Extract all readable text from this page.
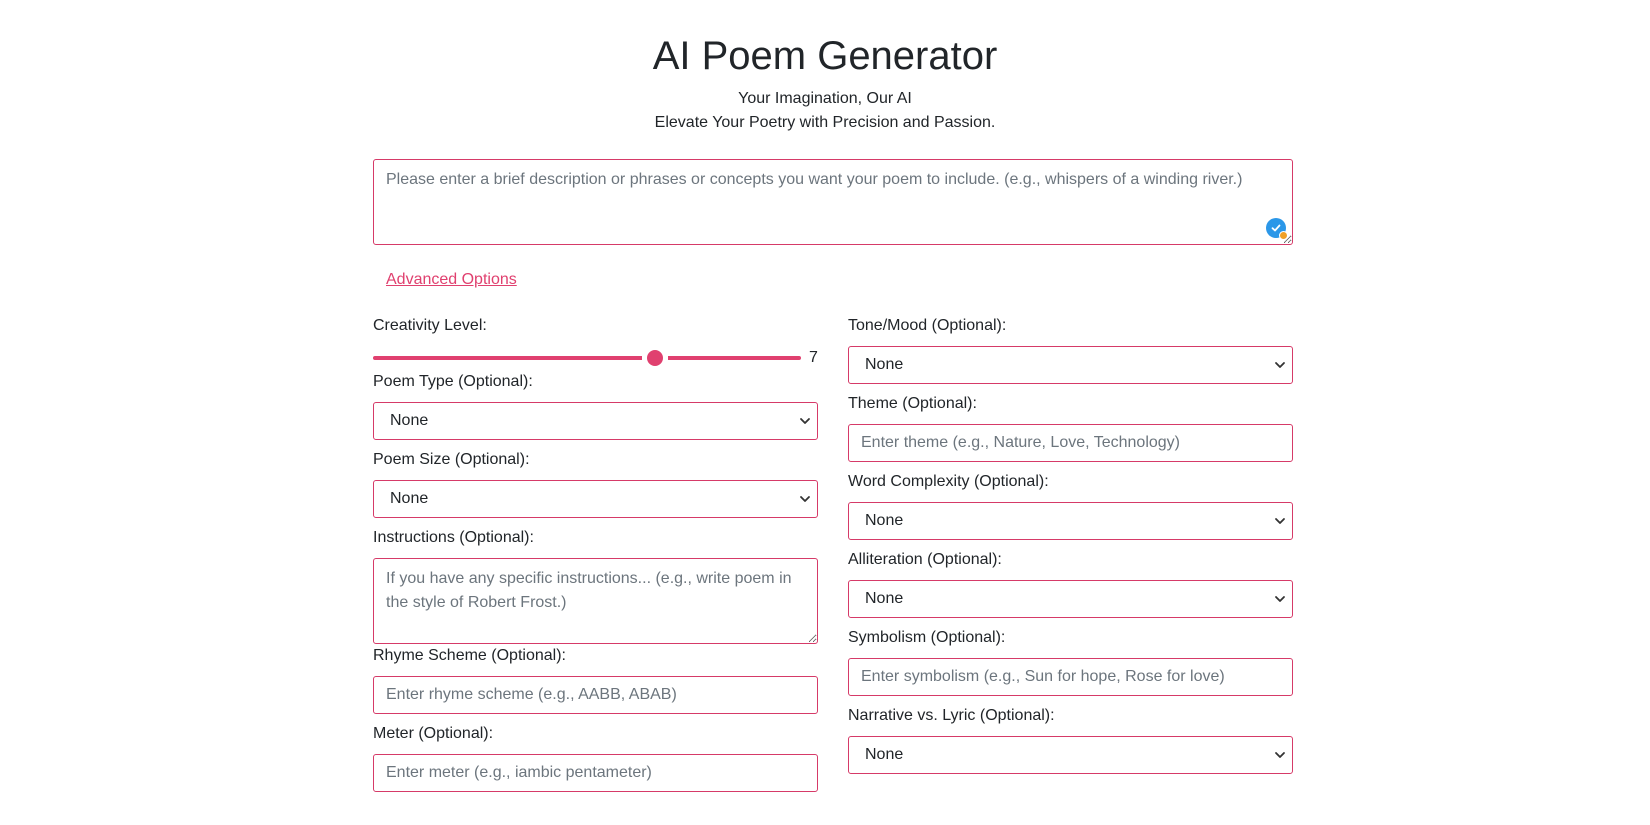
AI Poem Generator
Your Imagination, Our AI
Elevate Your Poetry with Precision and Passion.
Please enter a brief description or phrases or concepts you want your poem to include. (e.g., whispers of a winding river.)
Advanced Options
Creativity Level:
7
Poem Type (Optional):
None
Poem Size (Optional):
None
Instructions (Optional):
If you have any specific instructions... (e.g., write poem in the style of Robert Frost.)
Rhyme Scheme (Optional):
Enter rhyme scheme (e.g., AABB, ABAB)
Meter (Optional):
Enter meter (e.g., iambic pentameter)
Tone/Mood (Optional):
None
Theme (Optional):
Enter theme (e.g., Nature, Love, Technology)
Word Complexity (Optional):
None
Alliteration (Optional):
None
Symbolism (Optional):
Enter symbolism (e.g., Sun for hope, Rose for love)
Narrative vs. Lyric (Optional):
None
